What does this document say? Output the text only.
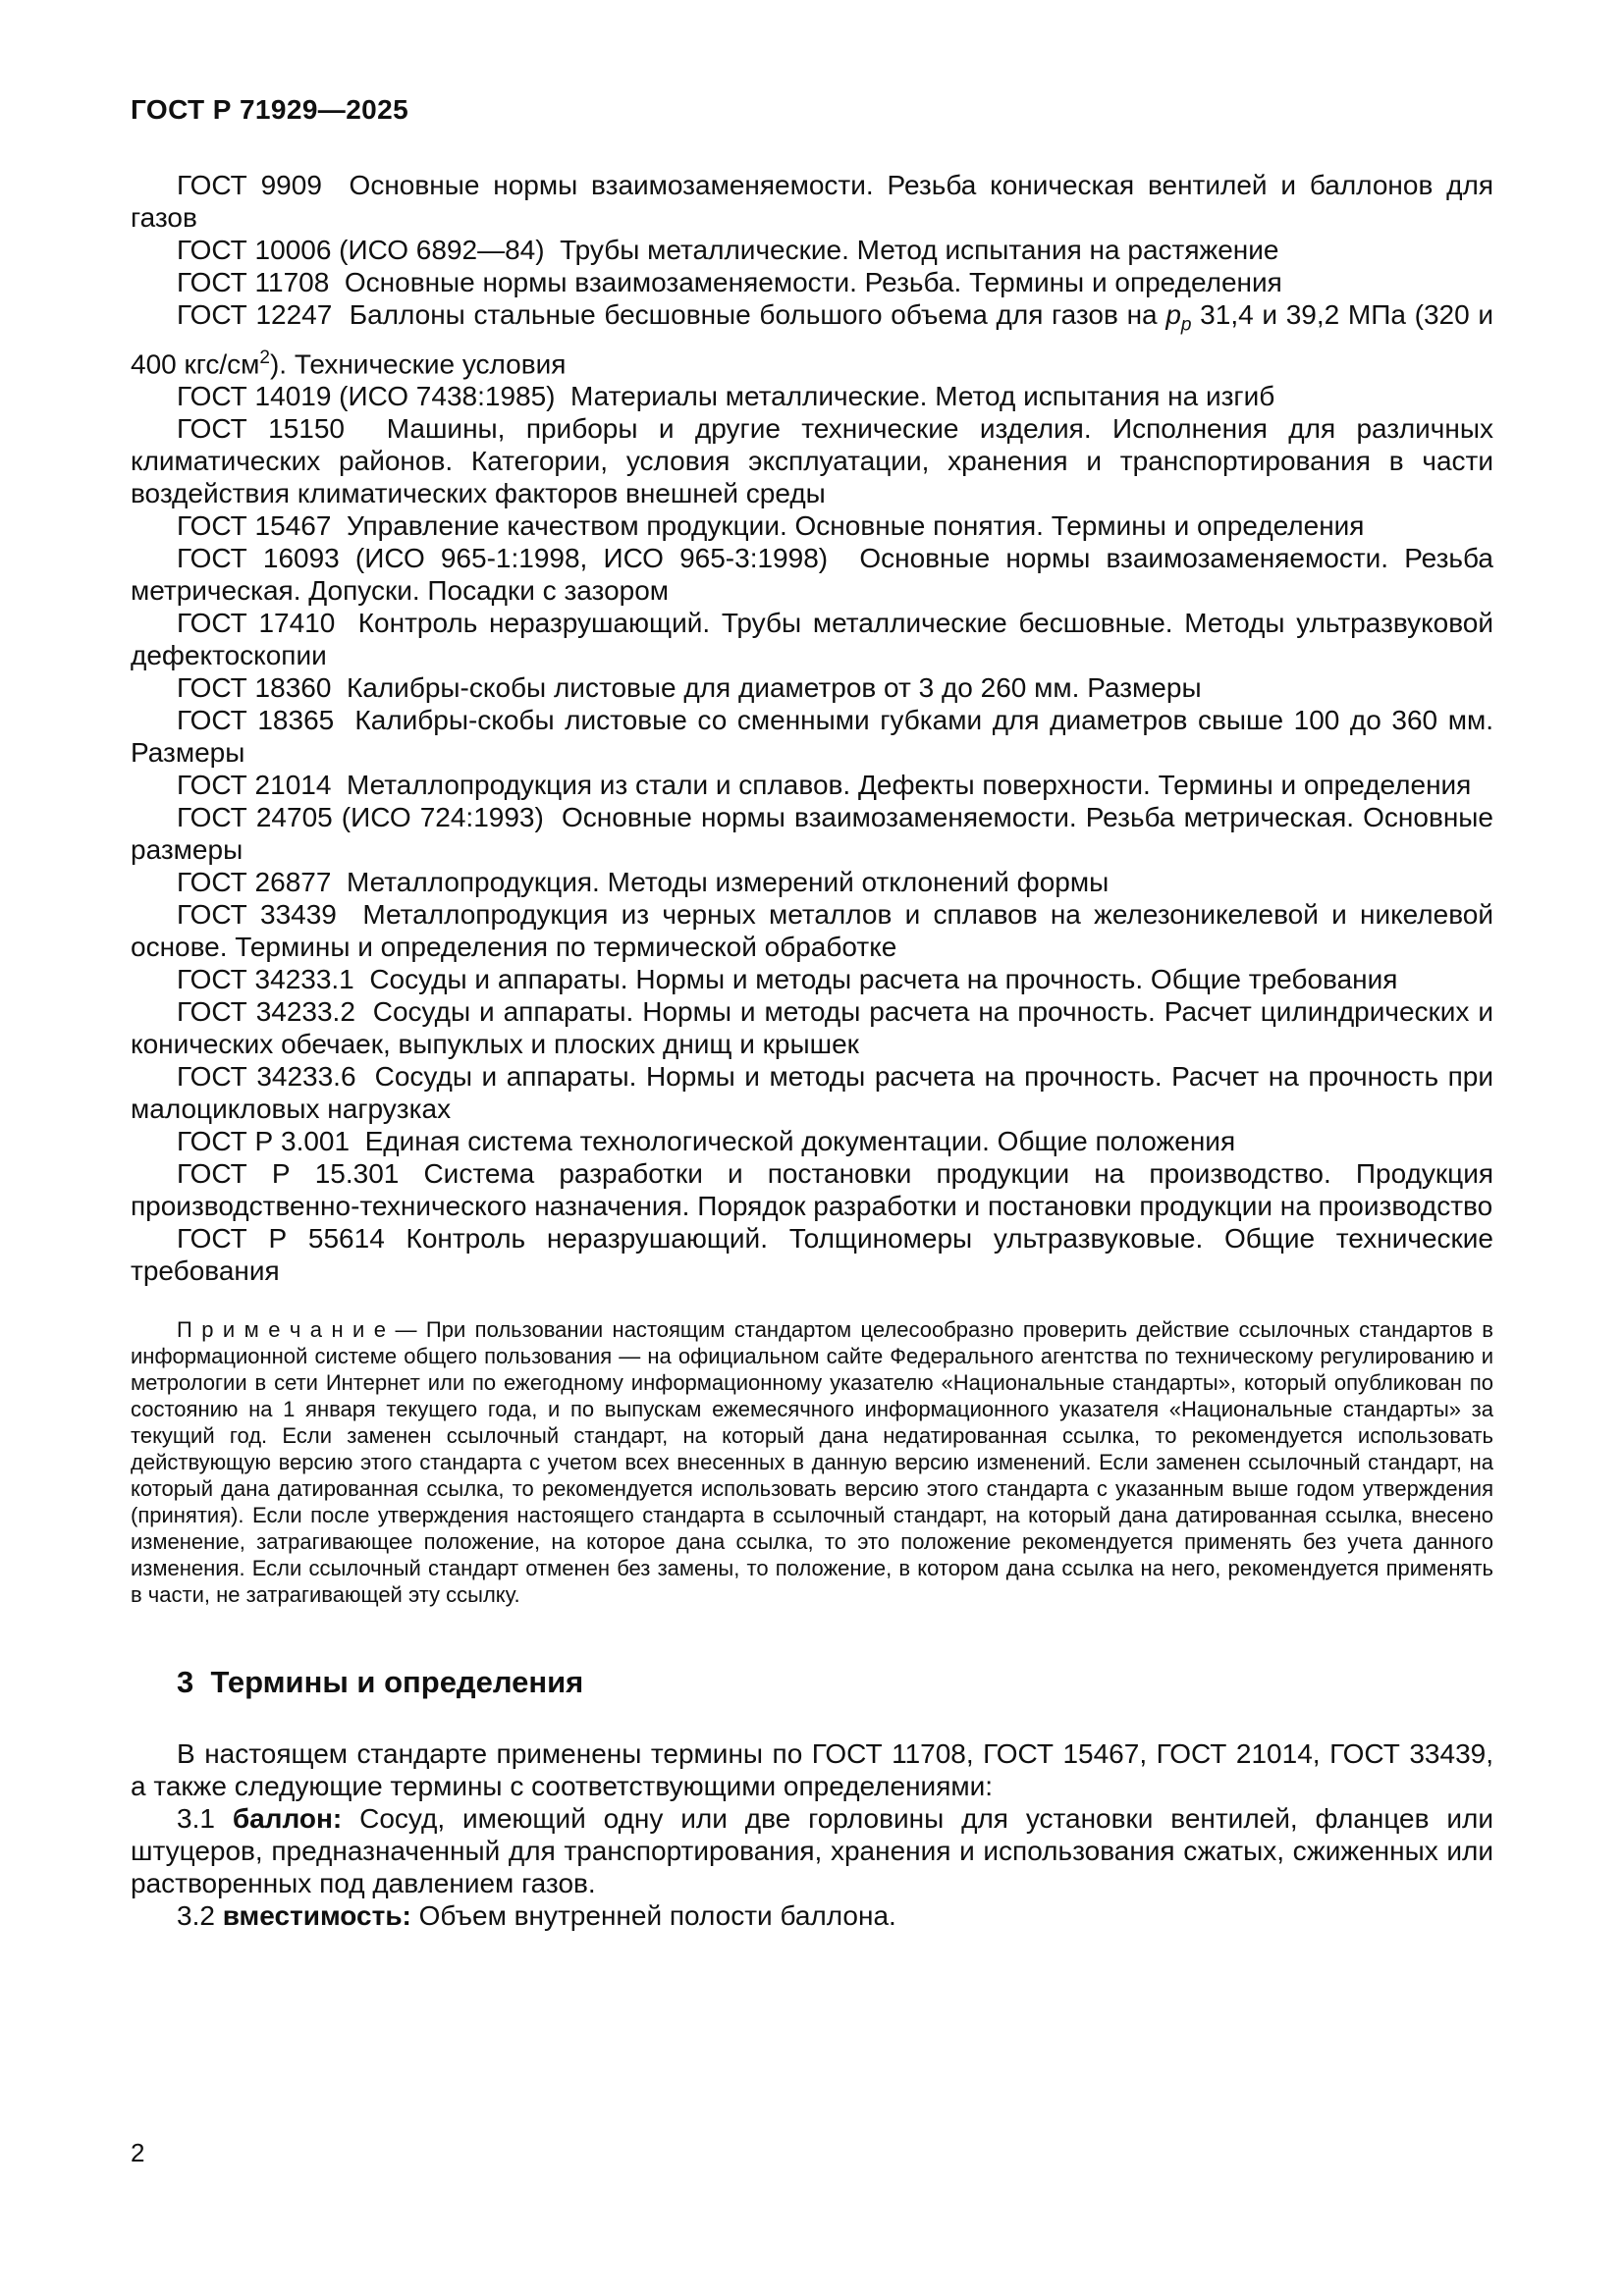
ГОСТ Р 71929—2025

ГОСТ 9909  Основные нормы взаимозаменяемости. Резьба коническая вентилей и баллонов для газов

ГОСТ 10006 (ИСО 6892—84)  Трубы металлические. Метод испытания на растяжение

ГОСТ 11708  Основные нормы взаимозаменяемости. Резьба. Термины и определения

ГОСТ 12247  Баллоны стальные бесшовные большого объема для газов на $p_р$ 31,4 и 39,2 МПа (320 и 400 кгс/$см^2$). Технические условия

ГОСТ 14019 (ИСО 7438:1985)  Материалы металлические. Метод испытания на изгиб

ГОСТ 15150  Машины, приборы и другие технические изделия. Исполнения для различных климатических районов. Категории, условия эксплуатации, хранения и транспортирования в части воздействия климатических факторов внешней среды

ГОСТ 15467  Управление качеством продукции. Основные понятия. Термины и определения

ГОСТ 16093 (ИСО 965-1:1998, ИСО 965-3:1998)  Основные нормы взаимозаменяемости. Резьба метрическая. Допуски. Посадки с зазором

ГОСТ 17410  Контроль неразрушающий. Трубы металлические бесшовные. Методы ультразвуковой дефектоскопии

ГОСТ 18360  Калибры-скобы листовые для диаметров от 3 до 260 мм. Размеры

ГОСТ 18365  Калибры-скобы листовые со сменными губками для диаметров свыше 100 до 360 мм. Размеры

ГОСТ 21014  Металлопродукция из стали и сплавов. Дефекты поверхности. Термины и определения

ГОСТ 24705 (ИСО 724:1993)  Основные нормы взаимозаменяемости. Резьба метрическая. Основные размеры

ГОСТ 26877  Металлопродукция. Методы измерений отклонений формы

ГОСТ 33439  Металлопродукция из черных металлов и сплавов на железоникелевой и никелевой основе. Термины и определения по термической обработке

ГОСТ 34233.1  Сосуды и аппараты. Нормы и методы расчета на прочность. Общие требования

ГОСТ 34233.2  Сосуды и аппараты. Нормы и методы расчета на прочность. Расчет цилиндрических и конических обечаек, выпуклых и плоских днищ и крышек

ГОСТ 34233.6  Сосуды и аппараты. Нормы и методы расчета на прочность. Расчет на прочность при малоцикловых нагрузках

ГОСТ Р 3.001  Единая система технологической документации. Общие положения

ГОСТ Р 15.301 Система разработки и постановки продукции на производство. Продукция производственно-технического назначения. Порядок разработки и постановки продукции на производство

ГОСТ Р 55614 Контроль неразрушающий. Толщиномеры ультразвуковые. Общие технические требования

П р и м е ч а н и е — При пользовании настоящим стандартом целесообразно проверить действие ссылочных стандартов в информационной системе общего пользования — на официальном сайте Федерального агентства по техническому регулированию и метрологии в сети Интернет или по ежегодному информационному указателю «Национальные стандарты», который опубликован по состоянию на 1 января текущего года, и по выпускам ежемесячного информационного указателя «Национальные стандарты» за текущий год. Если заменен ссылочный стандарт, на который дана недатированная ссылка, то рекомендуется использовать действующую версию этого стандарта с учетом всех внесенных в данную версию изменений. Если заменен ссылочный стандарт, на который дана датированная ссылка, то рекомендуется использовать версию этого стандарта с указанным выше годом утверждения (принятия). Если после утверждения настоящего стандарта в ссылочный стандарт, на который дана датированная ссылка, внесено изменение, затрагивающее положение, на которое дана ссылка, то это положение рекомендуется применять без учета данного изменения. Если ссылочный стандарт отменен без замены, то положение, в котором дана ссылка на него, рекомендуется применять в части, не затрагивающей эту ссылку.

3  Термины и определения

В настоящем стандарте применены термины по ГОСТ 11708, ГОСТ 15467, ГОСТ 21014, ГОСТ 33439, а также следующие термины с соответствующими определениями:

3.1 баллон: Сосуд, имеющий одну или две горловины для установки вентилей, фланцев или штуцеров, предназначенный для транспортирования, хранения и использования сжатых, сжиженных или растворенных под давлением газов.

3.2 вместимость: Объем внутренней полости баллона.

2
